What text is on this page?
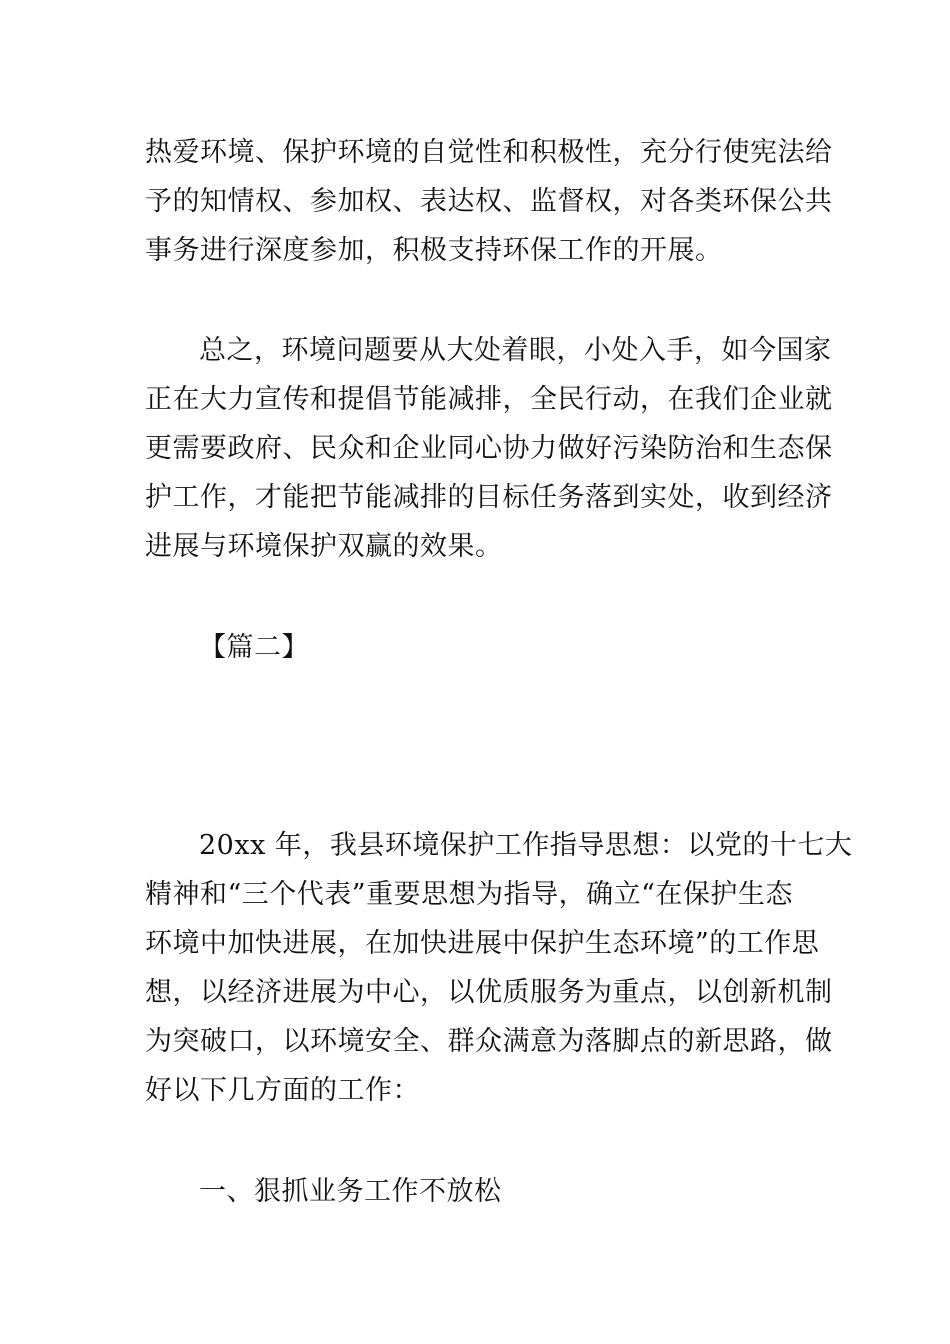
热爱环境、保护环境的自觉性和积极性，充分行使宪法给
予的知情权、参加权、表达权、监督权，对各类环保公共
事务进行深度参加，积极支持环保工作的开展。
总之，环境问题要从大处着眼，小处入手，如今国家
正在大力宣传和提倡节能减排，全民行动，在我们企业就
更需要政府、民众和企业同心协力做好污染防治和生态保
护工作，才能把节能减排的目标任务落到实处，收到经济
进展与环境保护双赢的效果。
【篇二】
20xx 年，我县环境保护工作指导思想：以党的十七大
精神和“三个代表”重要思想为指导，确立“在保护生态
环境中加快进展，在加快进展中保护生态环境”的工作思
想，以经济进展为中心，以优质服务为重点，以创新机制
为突破口，以环境安全、群众满意为落脚点的新思路，做
好以下几方面的工作：
一、狠抓业务工作不放松
